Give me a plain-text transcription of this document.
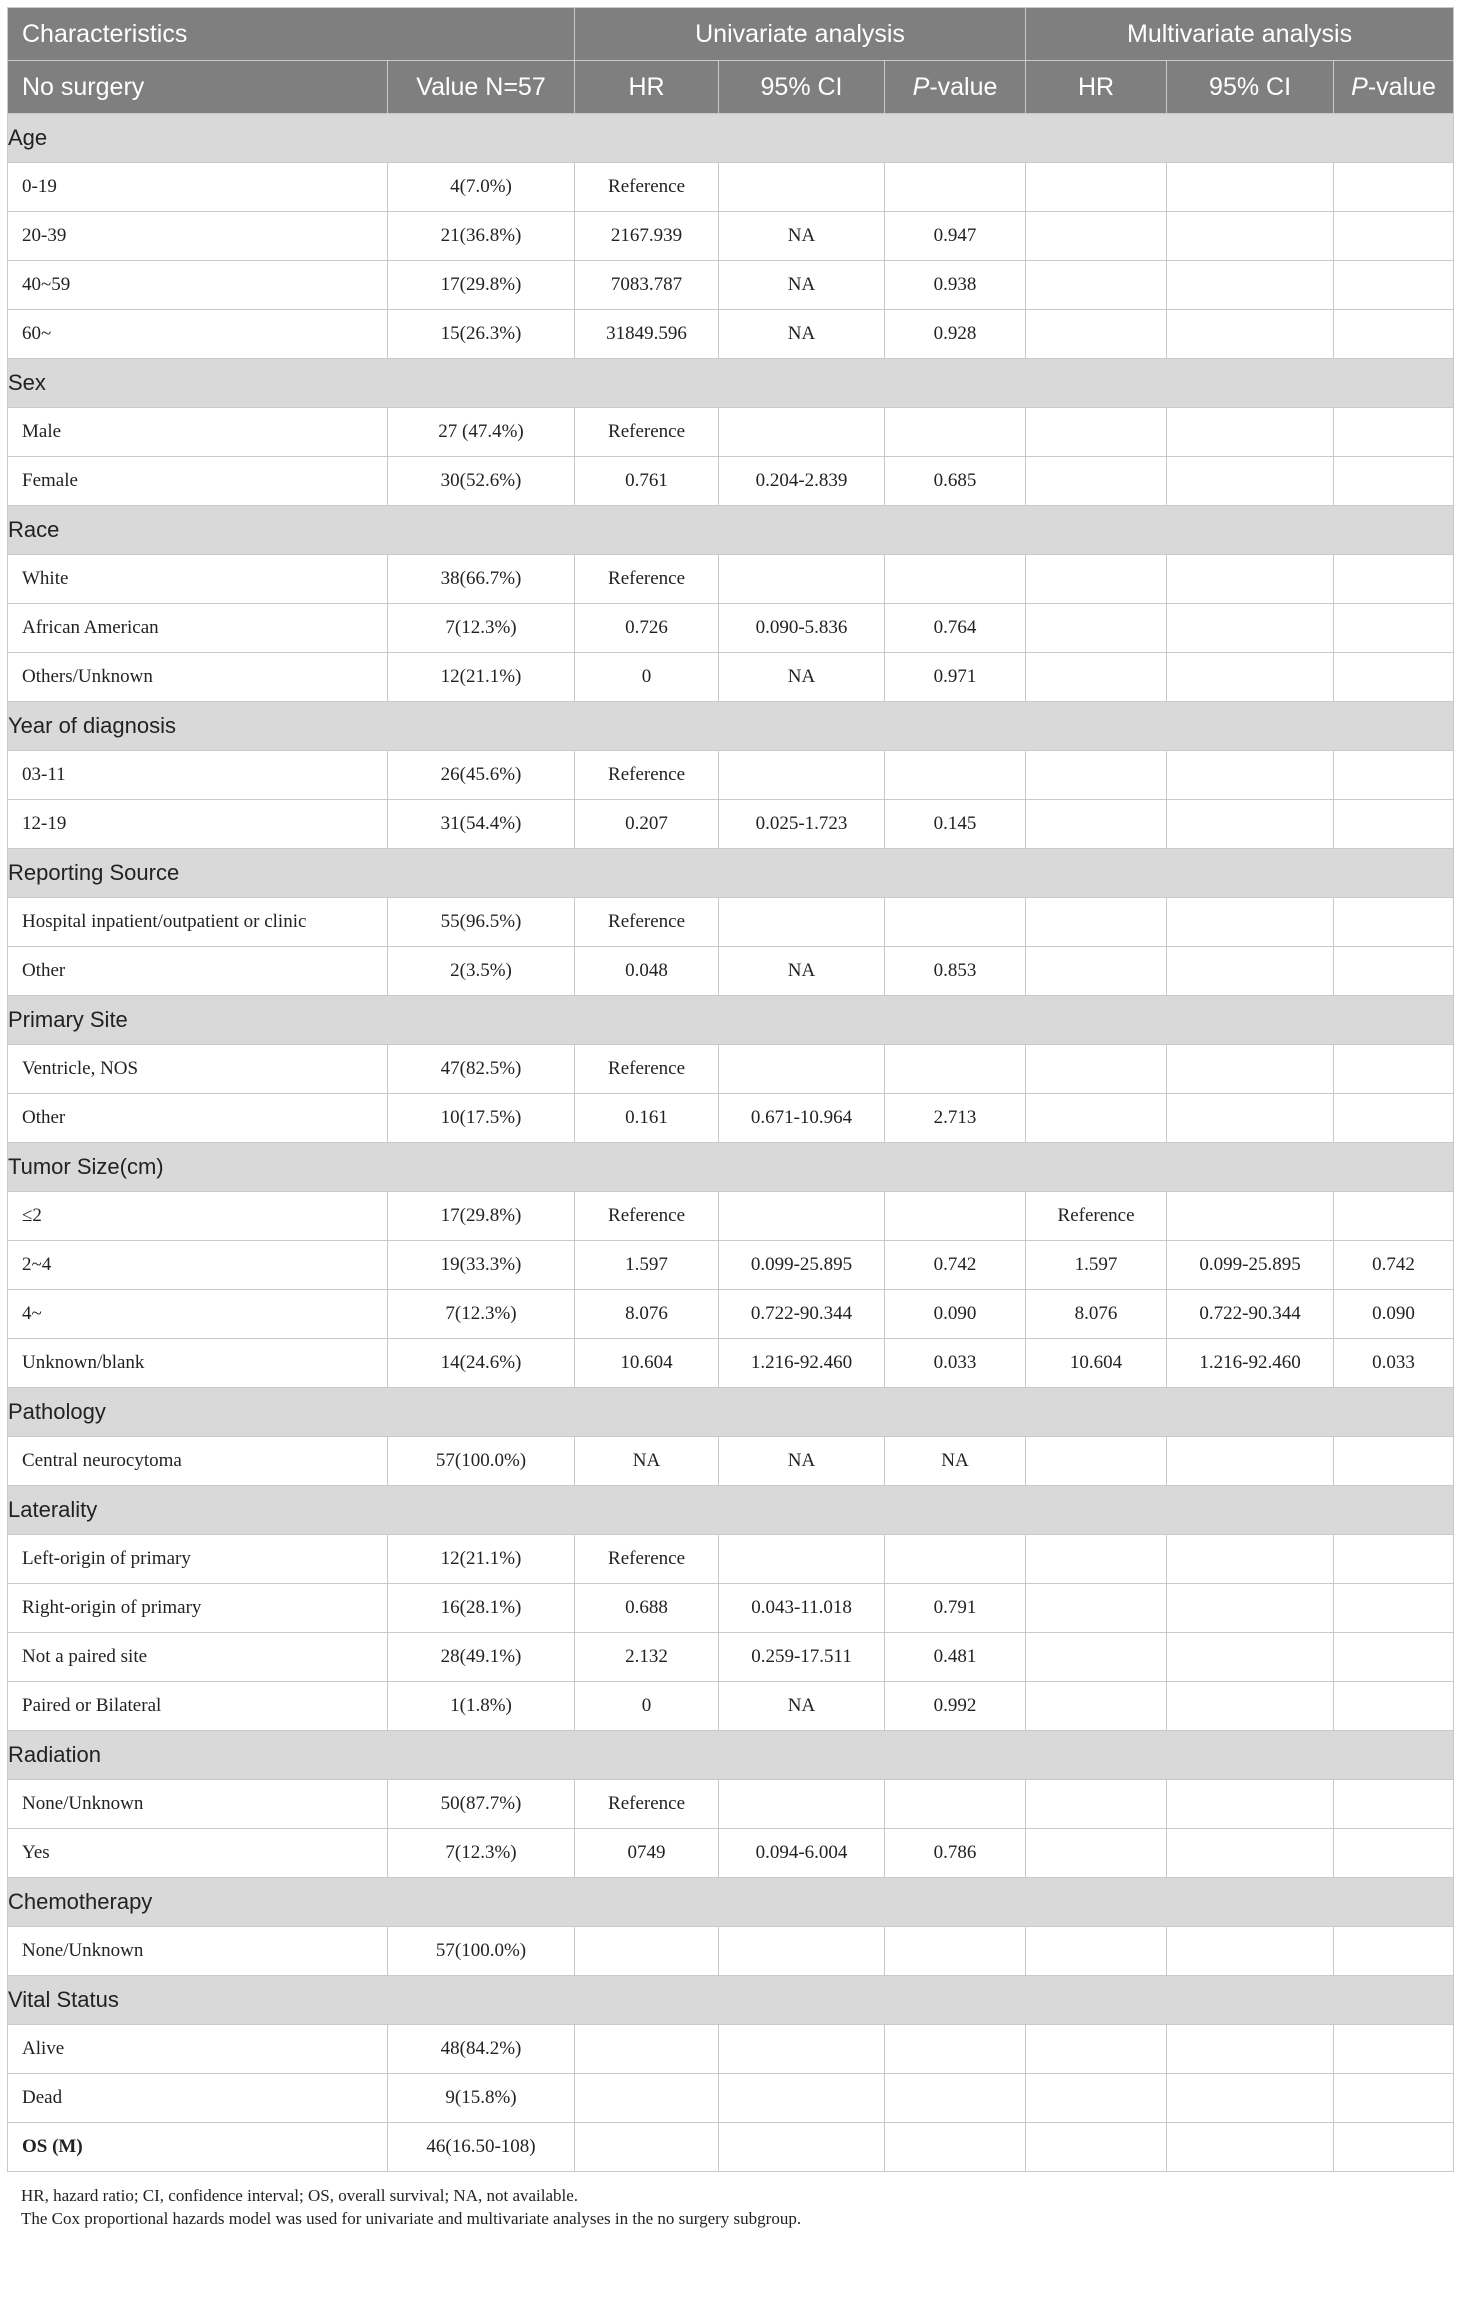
Characteristics		Univariate analysis			Multivariate analysis		
No surgery	Value N=57	HR	95% CI	P-value	HR	95% CI	P-value
Age							
0-19	4(7.0%)	Reference					
20-39	21(36.8%)	2167.939	NA	0.947			
40~59	17(29.8%)	7083.787	NA	0.938			
60~	15(26.3%)	31849.596	NA	0.928			
Sex							
Male	27 (47.4%)	Reference					
Female	30(52.6%)	0.761	0.204-2.839	0.685			
Race							
White	38(66.7%)	Reference					
African American	7(12.3%)	0.726	0.090-5.836	0.764			
Others/Unknown	12(21.1%)	0	NA	0.971			
Year of diagnosis							
03-11	26(45.6%)	Reference					
12-19	31(54.4%)	0.207	0.025-1.723	0.145			
Reporting Source							
Hospital inpatient/outpatient or clinic	55(96.5%)	Reference					
Other	2(3.5%)	0.048	NA	0.853			
Primary Site							
Ventricle, NOS	47(82.5%)	Reference					
Other	10(17.5%)	0.161	0.671-10.964	2.713			
Tumor Size(cm)							
≤2	17(29.8%)	Reference			Reference		
2~4	19(33.3%)	1.597	0.099-25.895	0.742	1.597	0.099-25.895	0.742
4~	7(12.3%)	8.076	0.722-90.344	0.090	8.076	0.722-90.344	0.090
Unknown/blank	14(24.6%)	10.604	1.216-92.460	0.033	10.604	1.216-92.460	0.033
Pathology							
Central neurocytoma	57(100.0%)	NA	NA	NA			
Laterality							
Left-origin of primary	12(21.1%)	Reference					
Right-origin of primary	16(28.1%)	0.688	0.043-11.018	0.791			
Not a paired site	28(49.1%)	2.132	0.259-17.511	0.481			
Paired or Bilateral	1(1.8%)	0	NA	0.992			
Radiation							
None/Unknown	50(87.7%)	Reference					
Yes	7(12.3%)	0749	0.094-6.004	0.786			
Chemotherapy							
None/Unknown	57(100.0%)						
Vital Status							
Alive	48(84.2%)						
Dead	9(15.8%)						
OS (M)	46(16.50-108)						
HR, hazard ratio; CI, confidence interval; OS, overall survival; NA, not available.
The Cox proportional hazards model was used for univariate and multivariate analyses in the no surgery subgroup.
